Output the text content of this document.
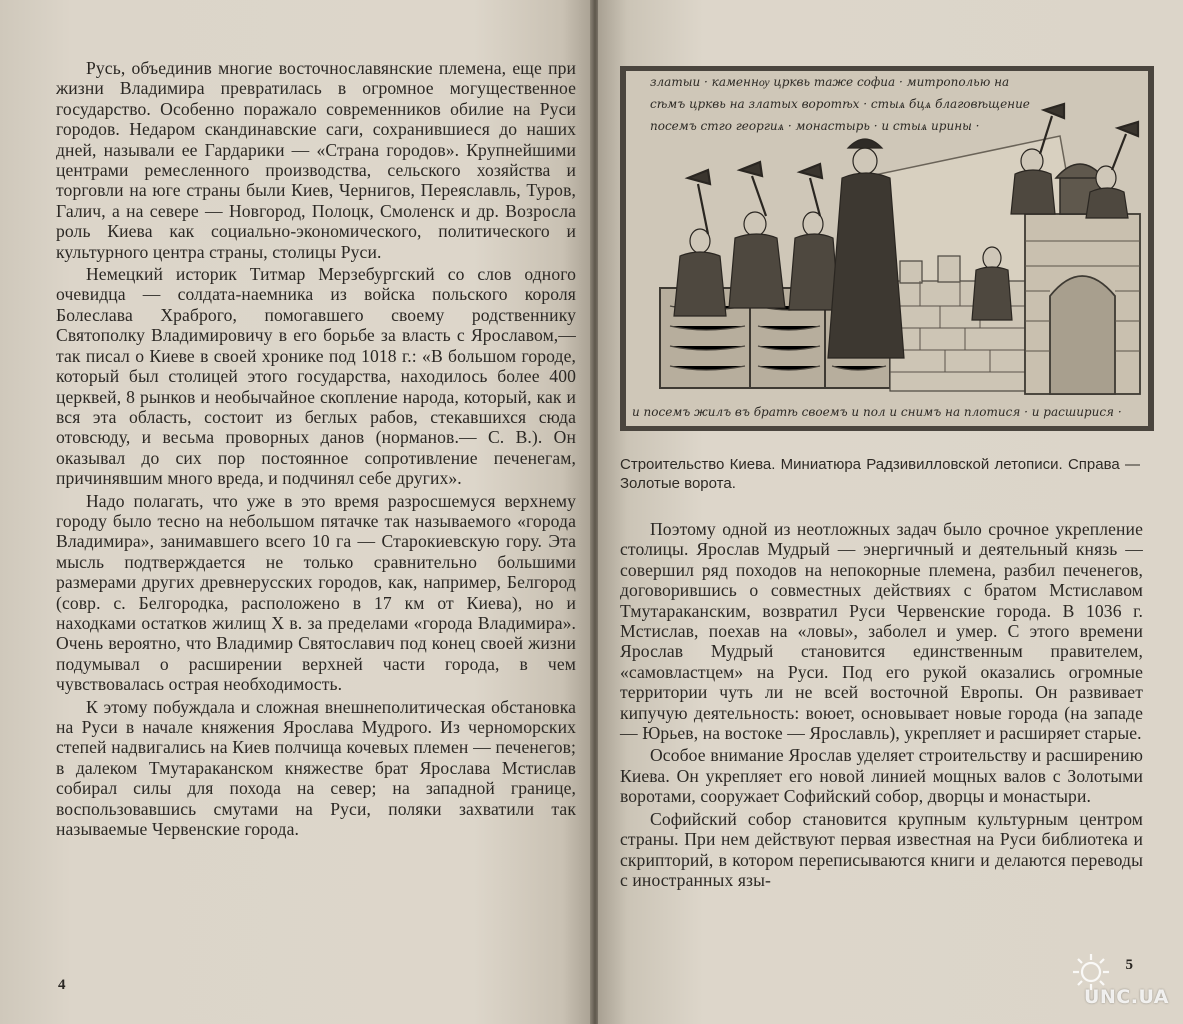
Русь, объединив многие восточнославянские племена, еще при жизни Владимира превратилась в огромное могущественное государство. Особенно поражало современников обилие на Руси городов. Недаром скандинавские саги, сохранившиеся до наших дней, называли ее Гардарики — «Страна городов». Крупнейшими центрами ремесленного производства, сельского хозяйства и торговли на юге страны были Киев, Чернигов, Переяславль, Туров, Галич, а на севере — Новгород, Полоцк, Смоленск и др. Возросла роль Киева как социально-экономического, политического и культурного центра страны, столицы Руси.

Немецкий историк Титмар Мерзебургский со слов одного очевидца — солдата-наемника из войска польского короля Болеслава Храброго, помогавшего своему родственнику Святополку Владимировичу в его борьбе за власть с Ярославом,— так писал о Киеве в своей хронике под 1018 г.: «В большом городе, который был столицей этого государства, находилось более 400 церквей, 8 рынков и необычайное скопление народа, который, как и вся эта область, состоит из беглых рабов, стекавшихся сюда отовсюду, и весьма проворных данов (норманов.— С. В.). Он оказывал до сих пор постоянное сопротивление печенегам, причинявшим много вреда, и подчинял себе других».

Надо полагать, что уже в это время разросшемуся верхнему городу было тесно на небольшом пятачке так называемого «города Владимира», занимавшего всего 10 га — Старокиевскую гору. Эта мысль подтверждается не только сравнительно большими размерами других древнерусских городов, как, например, Белгород (совр. с. Белгородка, расположено в 17 км от Киева), но и находками остатков жилищ X в. за пределами «города Владимира». Очень вероятно, что Владимир Святославич под конец своей жизни подумывал о расширении верхней части города, в чем чувствовалась острая необходимость.

К этому побуждала и сложная внешнеполитическая обстановка на Руси в начале княжения Ярослава Мудрого. Из черноморских степей надвигались на Киев полчища кочевых племен — печенегов; в далеком Тмутараканском княжестве брат Ярослава Мстислав собирал силы для похода на север; на западной границе, воспользовавшись смутами на Руси, поляки захватили так называемые Червенские города.

4
златыи · каменнѹ црквь таже софиа · митрополью на
сѣмъ црквь на златых воротѣх · стыѧ бцѧ благовѣщение
посемъ стго георгиѧ · монастырь · и стыѧ ирины ·
и посемъ жилъ въ братѣ своемъ и пол и снимъ на плотися · и расширися ·
Строительство Киева. Миниатюра Радзивилловской летописи. Справа — Золотые ворота.

Поэтому одной из неотложных задач было срочное укрепление столицы. Ярослав Мудрый — энергичный и деятельный князь — совершил ряд походов на непокорные племена, разбил печенегов, договорившись о совместных действиях с братом Мстиславом Тмутараканским, возвратил Руси Червенские города. В 1036 г. Мстислав, поехав на «ловы», заболел и умер. С этого времени Ярослав Мудрый становится единственным правителем, «самовластцем» на Руси. Под его рукой оказались огромные территории чуть ли не всей восточной Европы. Он развивает кипучую деятельность: воюет, основывает новые города (на западе — Юрьев, на востоке — Ярославль), укрепляет и расширяет старые.

Особое внимание Ярослав уделяет строительству и расширению Киева. Он укрепляет его новой линией мощных валов с Золотыми воротами, сооружает Софийский собор, дворцы и монастыри.

Софийский собор становится крупным культурным центром страны. При нем действуют первая известная на Руси библиотека и скрипторий, в котором переписываются книги и делаются переводы с иностранных язы-

5
UNC.UA
